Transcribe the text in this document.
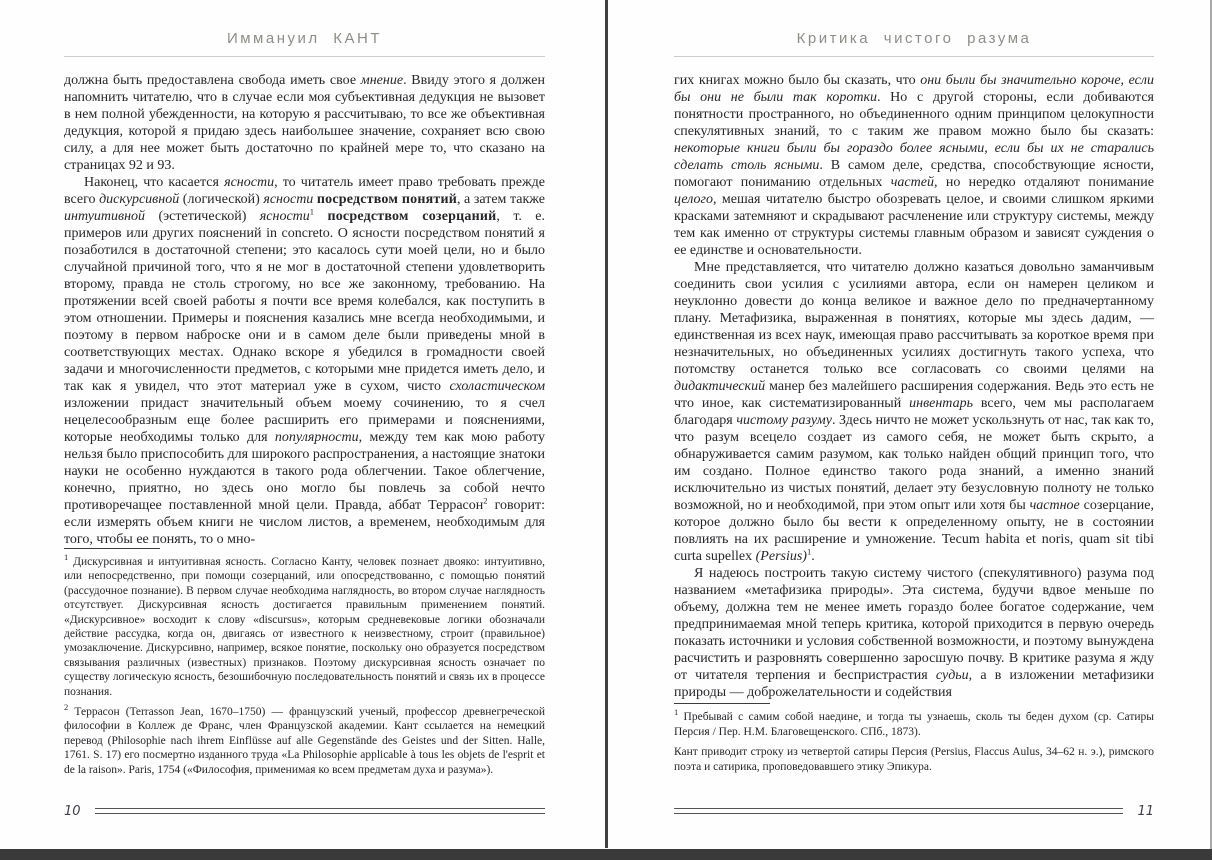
Иммануил КАНТ

должна быть предоставлена свобода иметь свое мнение. Ввиду этого я должен напомнить читателю, что в случае если моя субъективная дедукция не вызовет в нем полной убежденности, на которую я рассчитываю, то все же объективная дедукция, которой я придаю здесь наибольшее значение, сохраняет всю свою силу, а для нее может быть достаточно по крайней мере то, что сказано на страницах 92 и 93.

Наконец, что касается ясности, то читатель имеет право требовать прежде всего дискурсивной (логической) ясности посредством понятий, а затем также интуитивной (эстетической) ясности$^1$ посредством созерцаний, т. е. примеров или других пояснений in concreto. О ясности посредством понятий я позаботился в достаточной степени; это касалось сути моей цели, но и было случайной причиной того, что я не мог в достаточной степени удовлетворить второму, правда не столь строгому, но все же законному, требованию. На протяжении всей своей работы я почти все время колебался, как поступить в этом отношении. Примеры и пояснения казались мне всегда необходимыми, и поэтому в первом наброске они и в самом деле были приведены мной в соответствующих местах. Однако вскоре я убедился в громадности своей задачи и многочисленности предметов, с которыми мне придется иметь дело, и так как я увидел, что этот материал уже в сухом, чисто схоластическом изложении придаст значительный объем моему сочинению, то я счел нецелесообразным еще более расширить его примерами и пояснениями, которые необходимы только для популярности, между тем как мою работу нельзя было приспособить для широкого распространения, а настоящие знатоки науки не особенно нуждаются в такого рода облегчении. Такое облегчение, конечно, приятно, но здесь оно могло бы повлечь за собой нечто противоречащее поставленной мной цели. Правда, аббат Террасон$^2$ говорит: если измерять объем книги не числом листов, а временем, необходимым для того, чтобы ее понять, то о мно-

$^1$ Дискурсивная и интуитивная ясность. Согласно Канту, человек познает двояко: интуитивно, или непосредственно, при помощи созерцаний, или опосредствованно, с помощью понятий (рассудочное познание). В первом случае необходима наглядность, во втором случае наглядность отсутствует. Дискурсивная ясность достигается правильным применением понятий. «Дискурсивное» восходит к слову «discursus», которым средневековые логики обозначали действие рассудка, когда он, двигаясь от известного к неизвестному, строит (правильное) умозаключение. Дискурсивно, например, всякое понятие, поскольку оно образуется посредством связывания различных (известных) признаков. Поэтому дискурсивная ясность означает по существу логическую ясность, безошибочную последовательность понятий и связь их в процессе познания.

$^2$ Террасон (Terrasson Jean, 1670–1750) — французский ученый, профессор древнегреческой философии в Коллеж де Франс, член Французской академии. Кант ссылается на немецкий перевод (Philosophie nach ihrem Einflüsse auf alle Gegenstände des Geistes und der Sitten. Halle, 1761. S. 17) его посмертно изданного труда «La Philosophie applicable à tous les objets de l'esprit et de la raison». Paris, 1754 («Философия, применимая ко всем предметам духа и разума»).

10
Критика чистого разума

гих книгах можно было бы сказать, что они были бы значительно короче, если бы они не были так коротки. Но с другой стороны, если добиваются понятности пространного, но объединенного одним принципом целокупности спекулятивных знаний, то с таким же правом можно было бы сказать: некоторые книги были бы гораздо более ясными, если бы их не старались сделать столь ясными. В самом деле, средства, способствующие ясности, помогают пониманию отдельных частей, но нередко отдаляют понимание целого, мешая читателю быстро обозревать целое, и своими слишком яркими красками затемняют и скрадывают расчленение или структуру системы, между тем как именно от структуры системы главным образом и зависят суждения о ее единстве и основательности.

Мне представляется, что читателю должно казаться довольно заманчивым соединить свои усилия с усилиями автора, если он намерен целиком и неуклонно довести до конца великое и важное дело по предначертанному плану. Метафизика, выраженная в понятиях, которые мы здесь дадим, — единственная из всех наук, имеющая право рассчитывать за короткое время при незначительных, но объединенных усилиях достигнуть такого успеха, что потомству останется только все согласовать со своими целями на дидактический манер без малейшего расширения содержания. Ведь это есть не что иное, как систематизированный инвентарь всего, чем мы располагаем благодаря чистому разуму. Здесь ничто не может ускользнуть от нас, так как то, что разум всецело создает из самого себя, не может быть скрыто, а обнаруживается самим разумом, как только найден общий принцип того, что им создано. Полное единство такого рода знаний, а именно знаний исключительно из чистых понятий, делает эту безусловную полноту не только возможной, но и необходимой, при этом опыт или хотя бы частное созерцание, которое должно было бы вести к определенному опыту, не в состоянии повлиять на их расширение и умножение. Tecum habita et noris, quam sit tibi curta supellex (Persius)$^1$.

Я надеюсь построить такую систему чистого (спекулятивного) разума под названием «метафизика природы». Эта система, будучи вдвое меньше по объему, должна тем не менее иметь гораздо более богатое содержание, чем предпринимаемая мной теперь критика, которой приходится в первую очередь показать источники и условия собственной возможности, и поэтому вынуждена расчистить и разровнять совершенно заросшую почву. В критике разума я жду от читателя терпения и беспристрастия судьи, а в изложении метафизики природы — доброжелательности и содействия

$^1$ Пребывай с самим собой наедине, и тогда ты узнаешь, сколь ты беден духом (ср. Сатиры Персия / Пер. Н.М. Благовещенского. СПб., 1873).

Кант приводит строку из четвертой сатиры Персия (Persius, Flaccus Aulus, 34–62 н. э.), римского поэта и сатирика, проповедовавшего этику Эпикура.

11
